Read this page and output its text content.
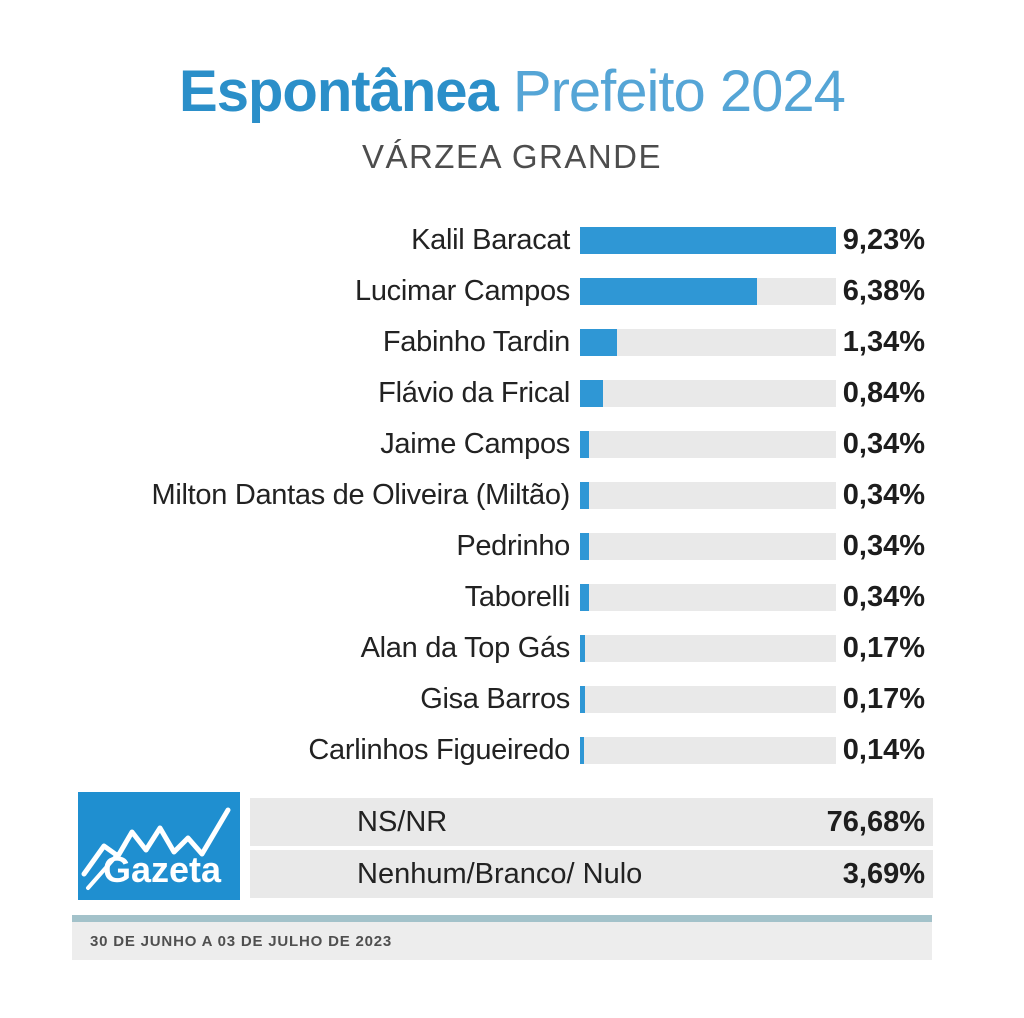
Espontânea Prefeito 2024
VÁRZEA GRANDE
Kalil Baracat	9,23%
Lucimar Campos	6,38%
Fabinho Tardin	1,34%
Flávio da Frical	0,84%
Jaime Campos	0,34%
Milton Dantas de Oliveira (Miltão)	0,34%
Pedrinho	0,34%
Taborelli	0,34%
Alan da Top Gás	0,17%
Gisa Barros	0,17%
Carlinhos Figueiredo	0,14%
NS/NR	76,68%
Nenhum/Branco/ Nulo	3,69%
Gazeta
30 DE JUNHO A 03 DE JULHO DE 2023
